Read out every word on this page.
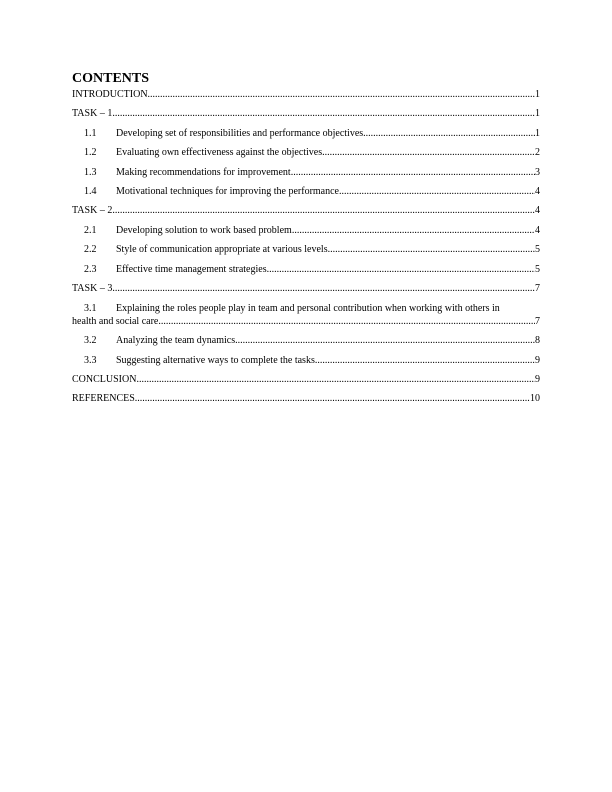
CONTENTS
INTRODUCTION .....	1
TASK – 1 .....	1
1.1	Developing set of responsibilities and performance objectives .....	1
1.2	Evaluating own effectiveness against the objectives .....	2
1.3	Making recommendations for improvement .....	3
1.4	Motivational techniques for improving the performance .....	4
TASK – 2 .....	4
2.1	Developing solution to work based problem .....	4
2.2	Style of communication appropriate at various levels .....	5
2.3	Effective time management strategies .....	5
TASK – 3 .....	7
3.1	Explaining the roles people play in team and personal contribution when working with others in
health and social care .....	7
3.2	Analyzing the team dynamics .....	8
3.3	Suggesting alternative ways to complete the tasks .....	9
CONCLUSION .....	9
REFERENCES .....	10
